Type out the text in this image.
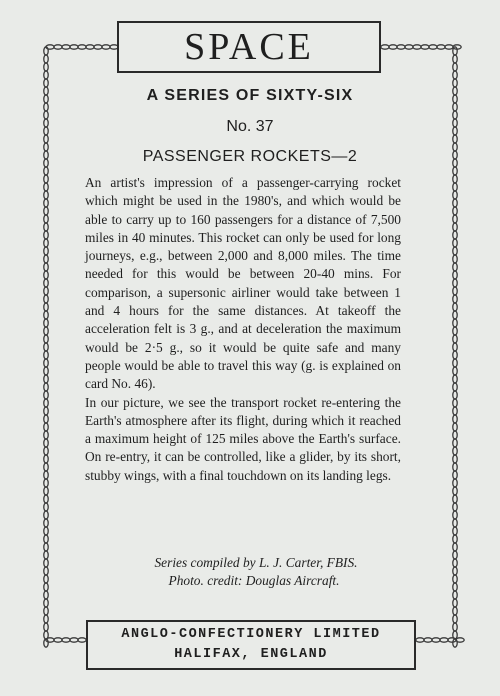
SPACE
A SERIES OF SIXTY-SIX
No. 37
PASSENGER ROCKETS—2

An artist's impression of a passenger-carrying rocket which might be used in the 1980's, and which would be able to carry up to 160 passengers for a distance of 7,500 miles in 40 minutes. This rocket can only be used for long journeys, e.g., between 2,000 and 8,000 miles. The time needed for this would be between 20-40 mins. For comparison, a supersonic airliner would take between 1 and 4 hours for the same distances. At takeoff the acceleration felt is 3 g., and at deceleration the maximum would be 2·5 g., so it would be quite safe and many people would be able to travel this way (g. is explained on card No. 46).

In our picture, we see the transport rocket re-entering the Earth's atmosphere after its flight, during which it reached a maximum height of 125 miles above the Earth's surface. On re-entry, it can be controlled, like a glider, by its short, stubby wings, with a final touchdown on its landing legs.

Series compiled by L. J. Carter, FBIS.
Photo. credit: Douglas Aircraft.
ANGLO-CONFECTIONERY LIMITED
HALIFAX, ENGLAND
